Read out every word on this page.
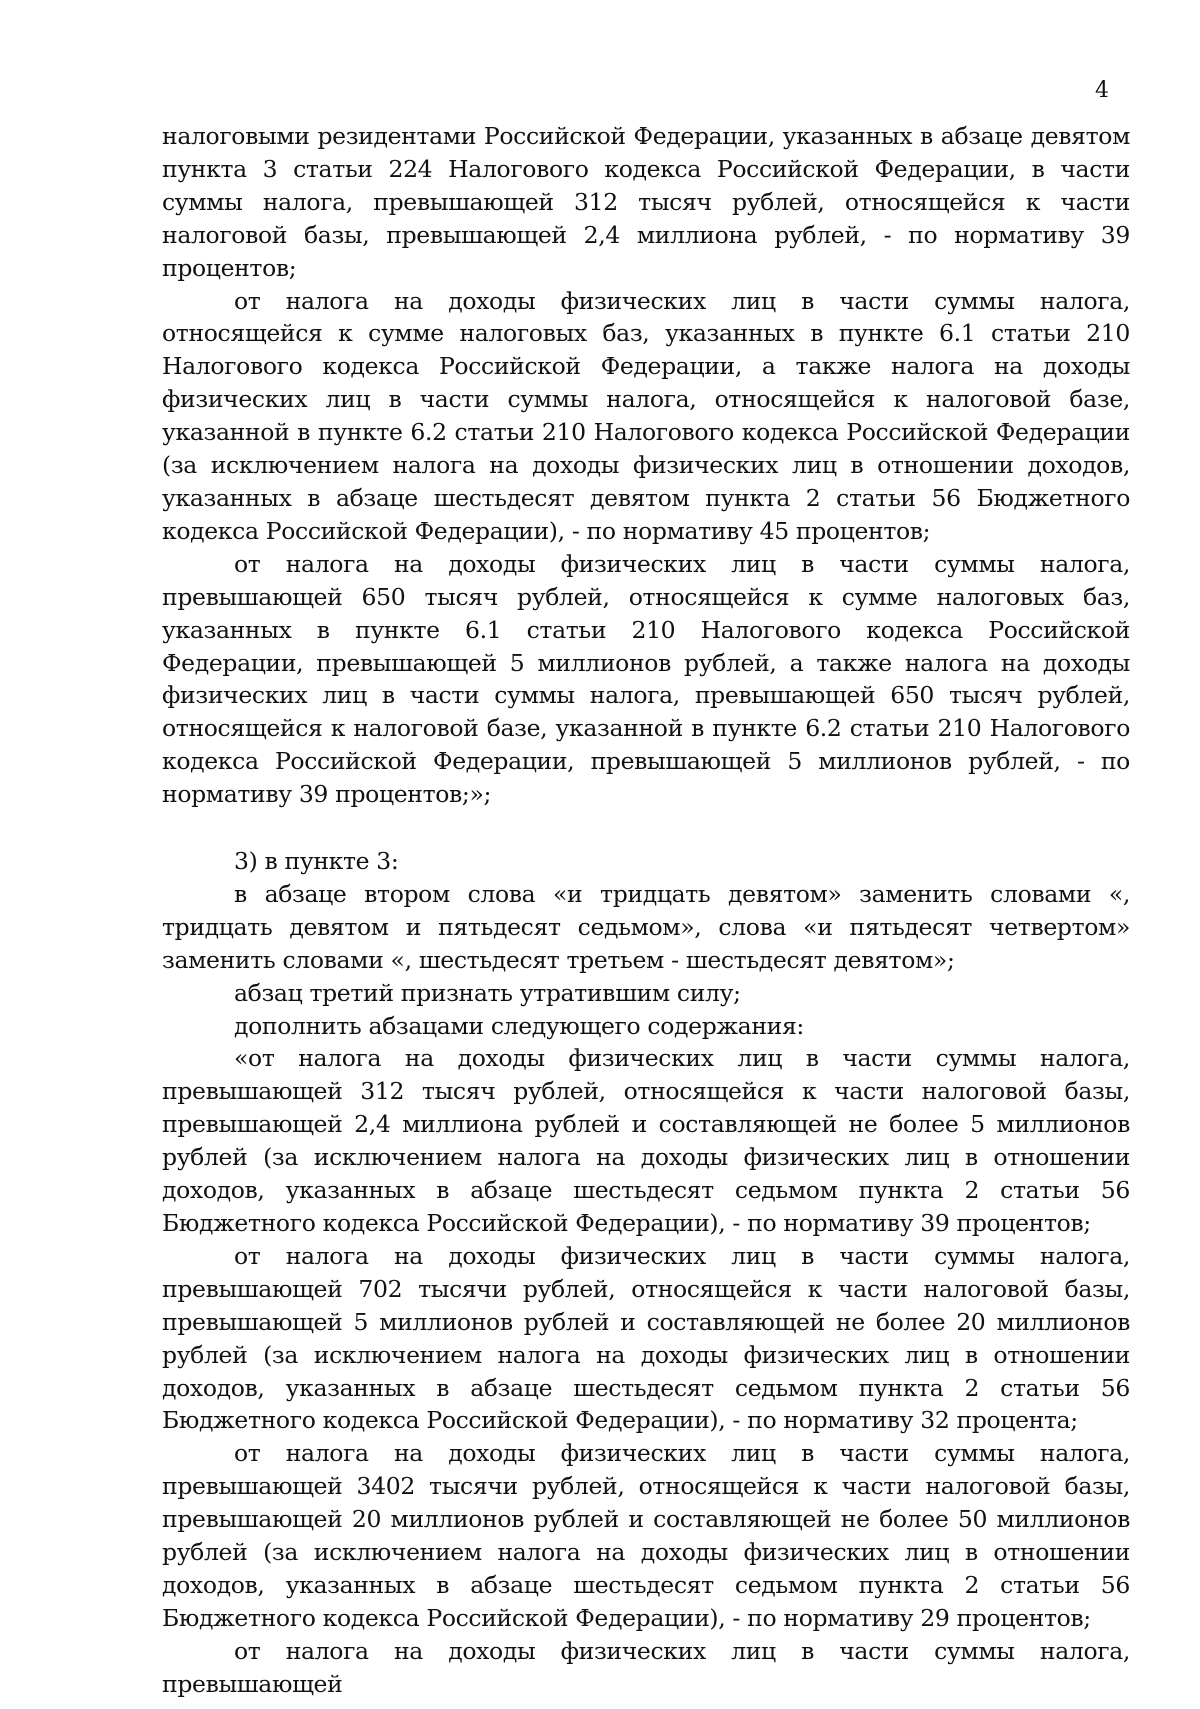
4

налоговыми резидентами Российской Федерации, указанных в абзаце девятом пункта 3 статьи 224 Налогового кодекса Российской Федерации, в части суммы налога, превышающей 312 тысяч рублей, относящейся к части налоговой базы, превышающей 2,4 миллиона рублей, - по нормативу 39 процентов;

от налога на доходы физических лиц в части суммы налога, относящейся к сумме налоговых баз, указанных в пункте 6.1 статьи 210 Налогового кодекса Российской Федерации, а также налога на доходы физических лиц в части суммы налога, относящейся к налоговой базе, указанной в пункте 6.2 статьи 210 Налогового кодекса Российской Федерации (за исключением налога на доходы физических лиц в отношении доходов, указанных в абзаце шестьдесят девятом пункта 2 статьи 56 Бюджетного кодекса Российской Федерации), - по нормативу 45 процентов;

от налога на доходы физических лиц в части суммы налога, превышающей 650 тысяч рублей, относящейся к сумме налоговых баз, указанных в пункте 6.1 статьи 210 Налогового кодекса Российской Федерации, превышающей 5 миллионов рублей, а также налога на доходы физических лиц в части суммы налога, превышающей 650 тысяч рублей, относящейся к налоговой базе, указанной в пункте 6.2 статьи 210 Налогового кодекса Российской Федерации, превышающей 5 миллионов рублей, - по нормативу 39 процентов;»;

3) в пункте 3:

в абзаце втором слова «и тридцать девятом» заменить словами «, тридцать девятом и пятьдесят седьмом», слова «и пятьдесят четвертом» заменить словами «, шестьдесят третьем - шестьдесят девятом»;

абзац третий признать утратившим силу;

дополнить абзацами следующего содержания:

«от налога на доходы физических лиц в части суммы налога, превышающей 312 тысяч рублей, относящейся к части налоговой базы, превышающей 2,4 миллиона рублей и составляющей не более 5 миллионов рублей (за исключением налога на доходы физических лиц в отношении доходов, указанных в абзаце шестьдесят седьмом пункта 2 статьи 56 Бюджетного кодекса Российской Федерации), - по нормативу 39 процентов;

от налога на доходы физических лиц в части суммы налога, превышающей 702 тысячи рублей, относящейся к части налоговой базы, превышающей 5 миллионов рублей и составляющей не более 20 миллионов рублей (за исключением налога на доходы физических лиц в отношении доходов, указанных в абзаце шестьдесят седьмом пункта 2 статьи 56 Бюджетного кодекса Российской Федерации), - по нормативу 32 процента;

от налога на доходы физических лиц в части суммы налога, превышающей 3402 тысячи рублей, относящейся к части налоговой базы, превышающей 20 миллионов рублей и составляющей не более 50 миллионов рублей (за исключением налога на доходы физических лиц в отношении доходов, указанных в абзаце шестьдесят седьмом пункта 2 статьи 56 Бюджетного кодекса Российской Федерации), - по нормативу 29 процентов;

от налога на доходы физических лиц в части суммы налога, превышающей
